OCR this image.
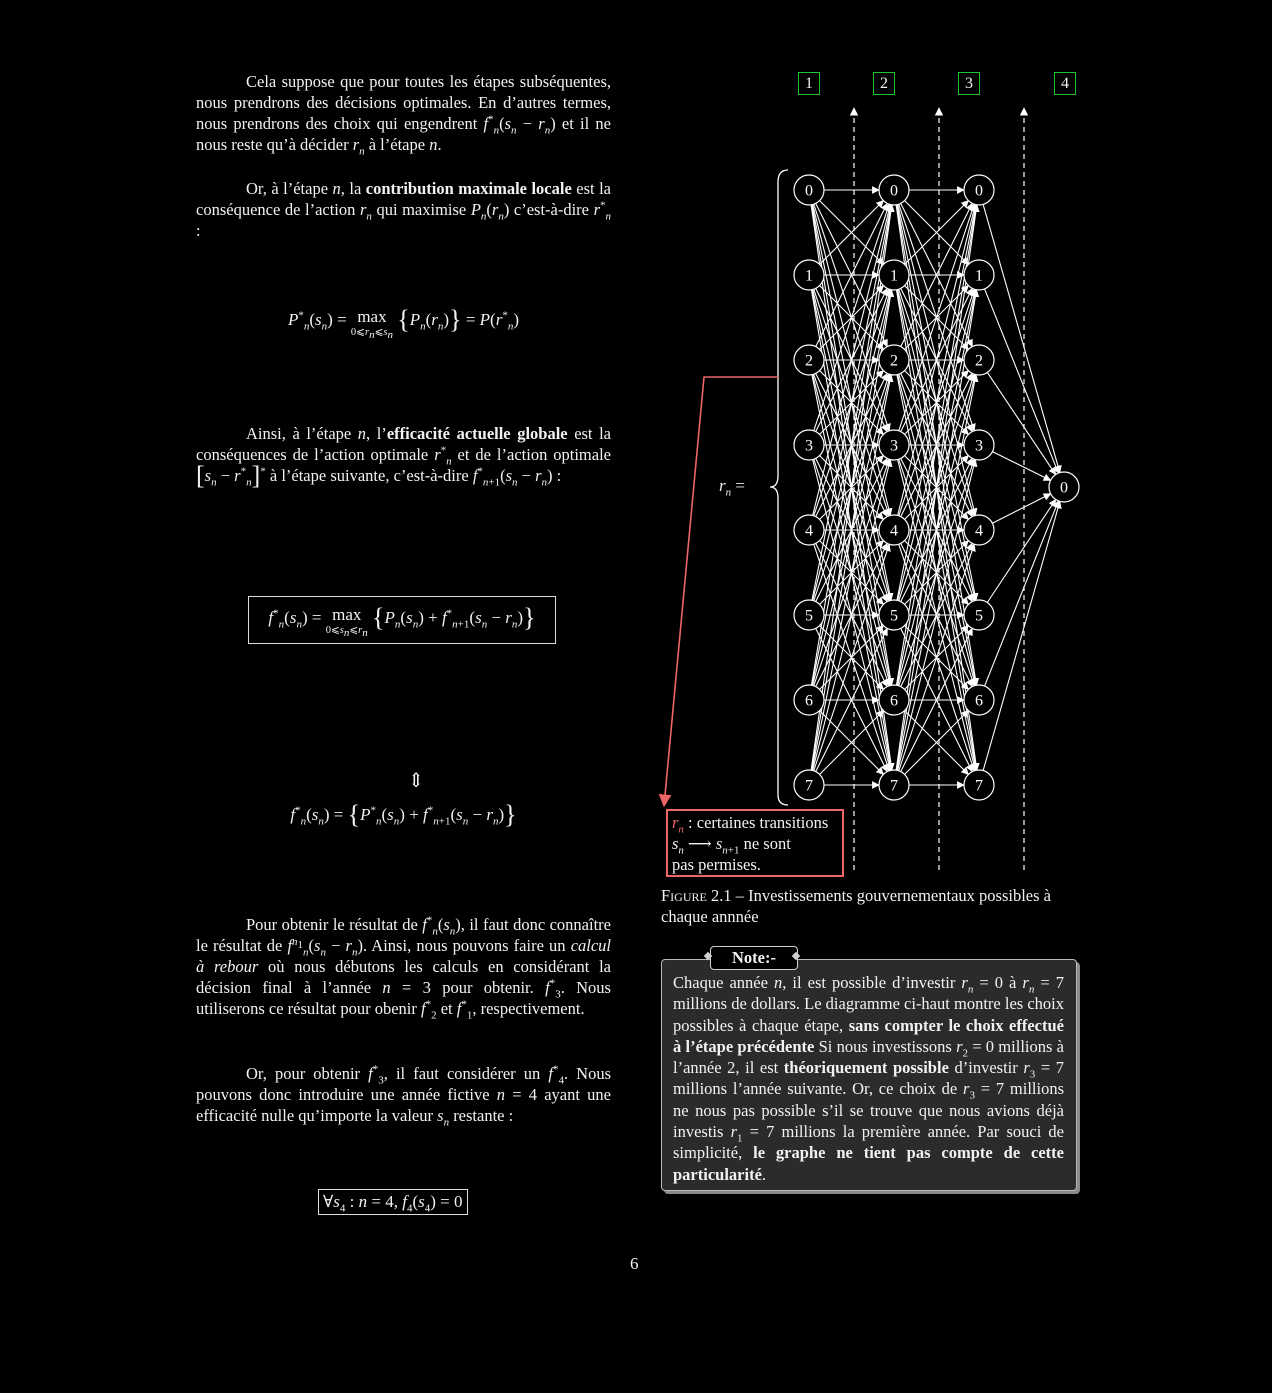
Cela suppose que pour toutes les étapes subséquentes, nous prendrons des décisions optimales. En d’autres termes, nous prendrons des choix qui engendrent $f^*_n(s_n - r_n)$ et il ne nous reste qu’à décider $r_n$ à l’étape n.
Or, à l’étape n, la contribution maximale locale est la conséquence de l’action $r_n$ qui maximise $P_n(r_n)$ c’est-à-dire $r^*_n$ :
$P^*_n(s_n) = \max$
$0⩽r_n⩽s_n$ $\{P_n(r_n)\} = P(r^*_n)$
Ainsi, à l’étape n, l’efficacité actuelle globale est la conséquences de l’action optimale $r^*_n$ et de l’action optimale $[s_n - r^*_n]^*$ à l’étape suivante, c’est-à-dire $f^*_{n+1}(s_n - r_n)$ :
$f^*_n(s_n) = \max$
$0⩽s_n⩽r_n$ $\{P_n(s_n) + f^*_{n+1}(s_n - r_n)\}$
⇕
$f^*_n(s_n) = \{P^*_n(s_n) + f^*_{n+1}(s_n - r_n)\}$
Pour obtenir le résultat de $f^*_n(s_n)$, il faut donc connaître le résultat de $f^{n_1}_n(s_n - r_n)$. Ainsi, nous pouvons faire un calcul à rebour où nous débutons les calculs en considérant la décision final à l’année n = 3 pour obtenir. $f^*_3$. Nous utiliserons ce résultat pour obenir $f^*_2$ et $f^*_1$, respectivement.
Or, pour obtenir $f^*_3$, il faut considérer un $f^*_4$. Nous pouvons donc introduire une année fictive n = 4 ayant une efficacité nulle qu’importe la valeur $s_n$ restante :
$\forall s_4$ : n = 4, $f_4(s_4) = 0$
0
1
2
3
4
5
6
7
0
1
2
3
4
5
6
7
0
1
2
3
4
5
6
7
0
1	2	3	4
$r_n$ =
$r_n$ : certaines transitions
$s_n$ ⟶ $s_{n+1}$ ne sont
pas permises.
Figure 2.1 – Investissements gouvernementaux possibles à chaque annnée
Note:-
Chaque année n, il est possible d’investir $r_n = 0$ à $r_n = 7$ millions de dollars. Le diagramme ci-haut montre les choix possibles à chaque étape, sans compter le choix effectué à l’étape précédente Si nous investissons $r_2 = 0$ millions à l’année 2, il est théoriquement possible d’investir $r_3 = 7$ millions l’année suivante. Or, ce choix de $r_3 = 7$ millions ne nous pas possible s’il se trouve que nous avions déjà investis $r_1 = 7$ millions la première année. Par souci de simplicité, le graphe ne tient pas compte de cette particularité.
6
